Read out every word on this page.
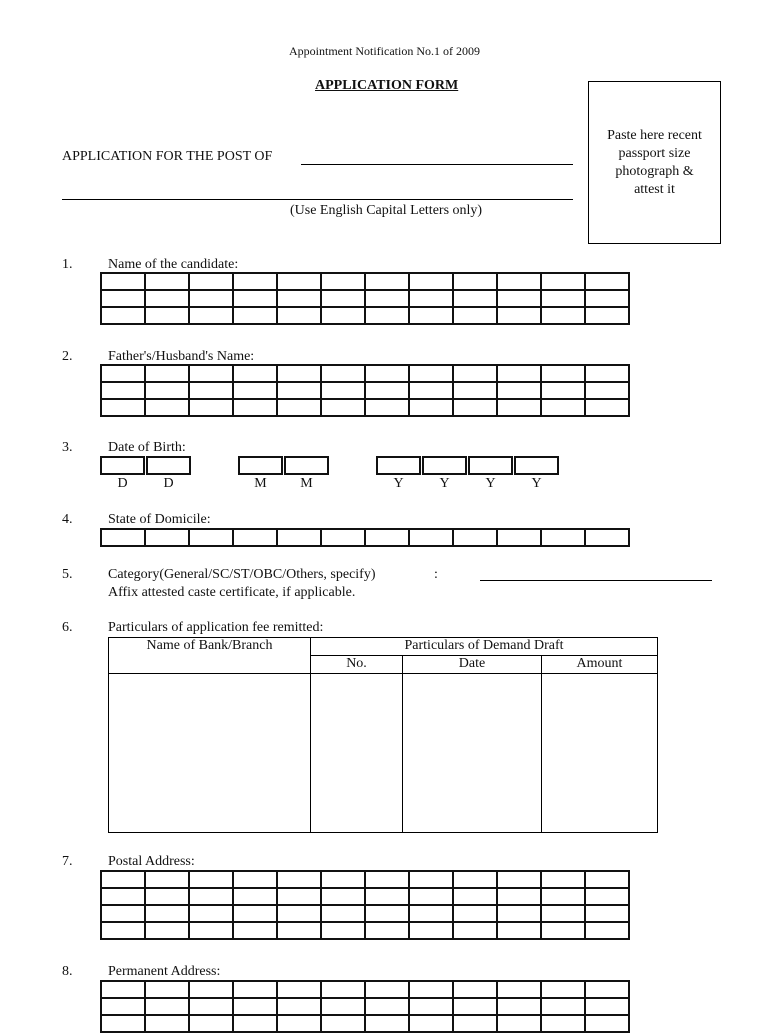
Appointment Notification No.1 of 2009
APPLICATION FORM
APPLICATION FOR THE POST OF
(Use English Capital Letters only)
Paste here recent passport size photograph & attest it
1.	Name of the candidate:

2.	Father's/Husband's Name:

3.	Date of Birth:
D	D	M	M	Y	Y	Y	Y
4.	State of Domicile:

5.	Category(General/SC/ST/OBC/Others, specify)	:
Affix attested caste certificate, if applicable.
6.	Particulars of application fee remitted:
Name of Bank/Branch	Particulars of Demand Draft		
	No.	Date	Amount

7.	Postal Address:

8.	Permanent Address:
